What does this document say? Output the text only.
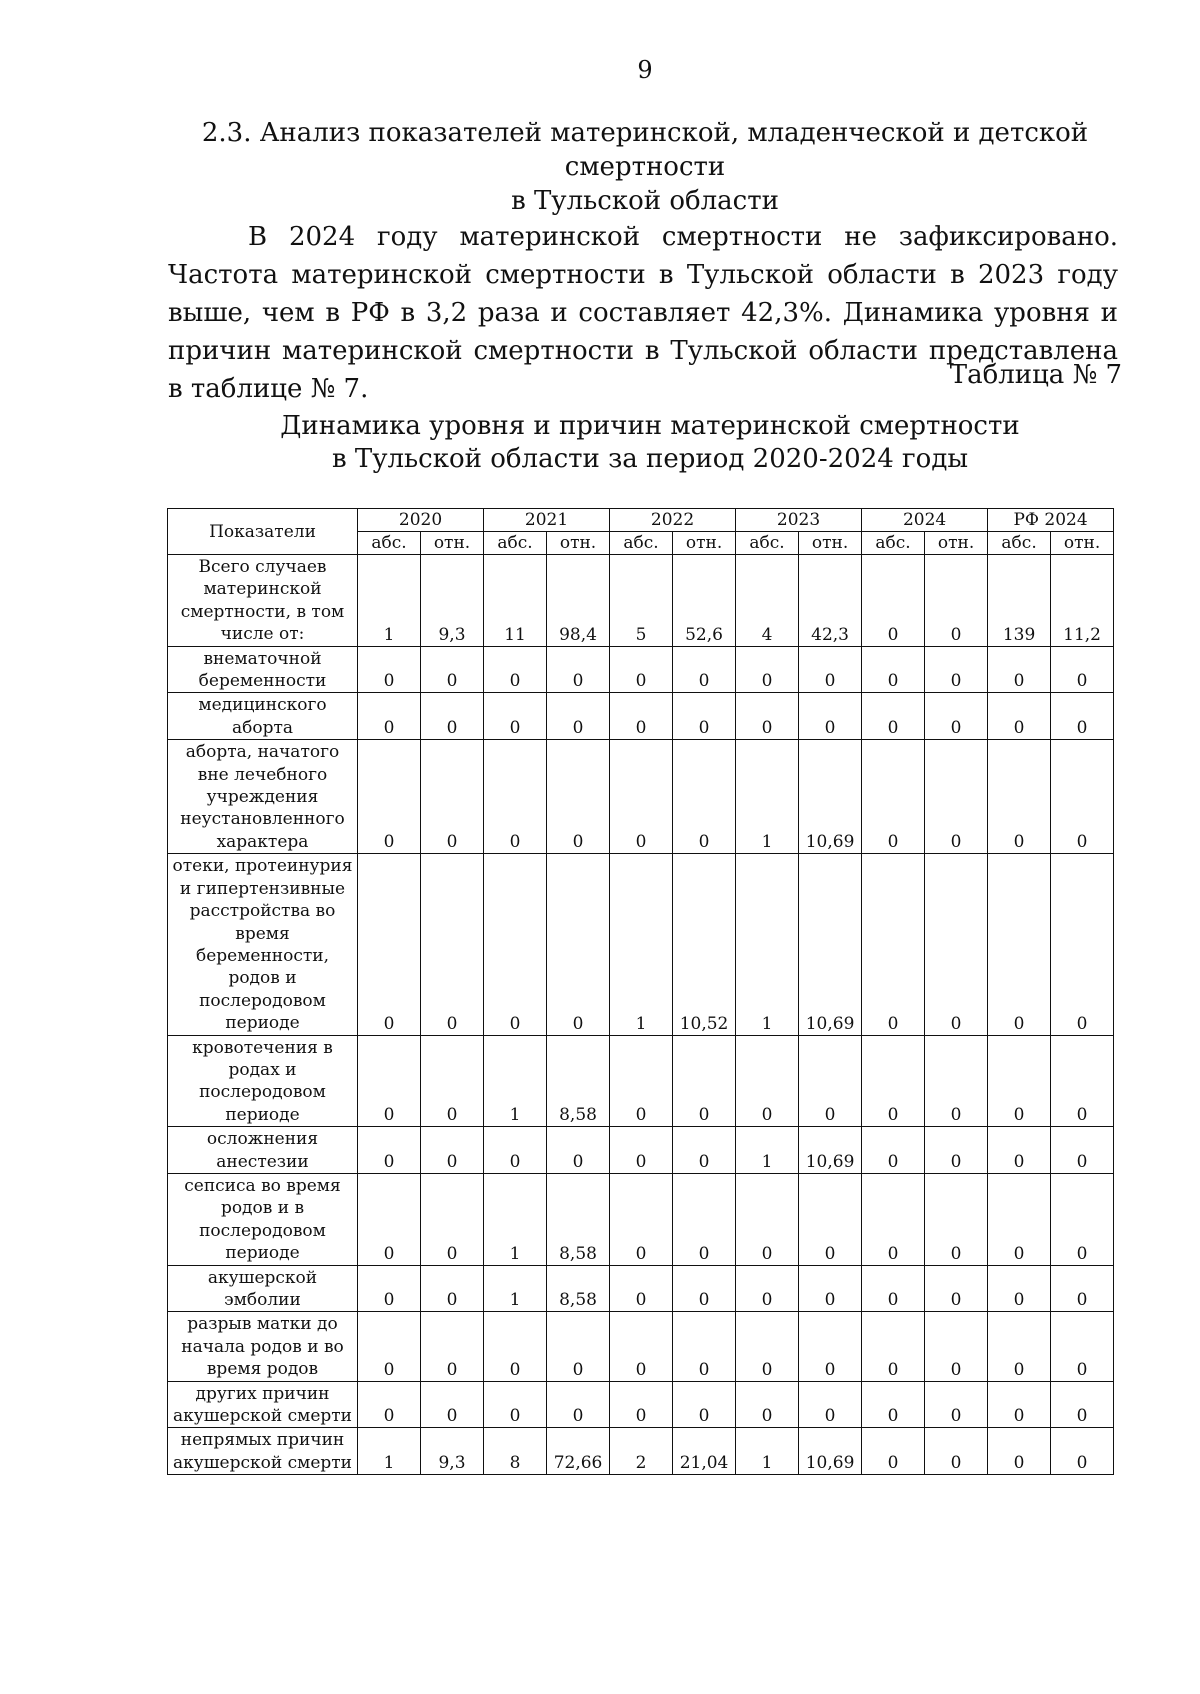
9
2.3. Анализ показателей материнской, младенческой и детской смертности
в Тульской области
В 2024 году материнской смертности не зафиксировано. Частота материнской смертности в Тульской области в 2023 году выше, чем в РФ в 3,2 раза и составляет 42,3%. Динамика уровня и причин материнской смертности в Тульской области представлена в таблице № 7.	Таблица № 7
Динамика уровня и причин материнской смертности
в Тульской области за период 2020-2024 годы
Показатели	2020		2021		2022		2023		2024		РФ 2024	
	абс.	отн.	абс.	отн.	абс.	отн.	абс.	отн.	абс.	отн.	абс.	отн.
Всего случаев материнской смертности, в том числе от:	1	9,3	11	98,4	5	52,6	4	42,3	0	0	139	11,2
внематочной беременности	0	0	0	0	0	0	0	0	0	0	0	0
медицинского аборта	0	0	0	0	0	0	0	0	0	0	0	0
аборта, начатого вне лечебного учреждения неустановленного характера	0	0	0	0	0	0	1	10,69	0	0	0	0
отеки, протеинурия и гипертензивные расстройства во время беременности, родов и послеродовом периоде	0	0	0	0	1	10,52	1	10,69	0	0	0	0
кровотечения в родах и послеродовом периоде	0	0	1	8,58	0	0	0	0	0	0	0	0
осложнения анестезии	0	0	0	0	0	0	1	10,69	0	0	0	0
сепсиса во время родов и в послеродовом периоде	0	0	1	8,58	0	0	0	0	0	0	0	0
акушерской эмболии	0	0	1	8,58	0	0	0	0	0	0	0	0
разрыв матки до начала родов и во время родов	0	0	0	0	0	0	0	0	0	0	0	0
других причин акушерской смерти	0	0	0	0	0	0	0	0	0	0	0	0
непрямых причин акушерской смерти	1	9,3	8	72,66	2	21,04	1	10,69	0	0	0	0
